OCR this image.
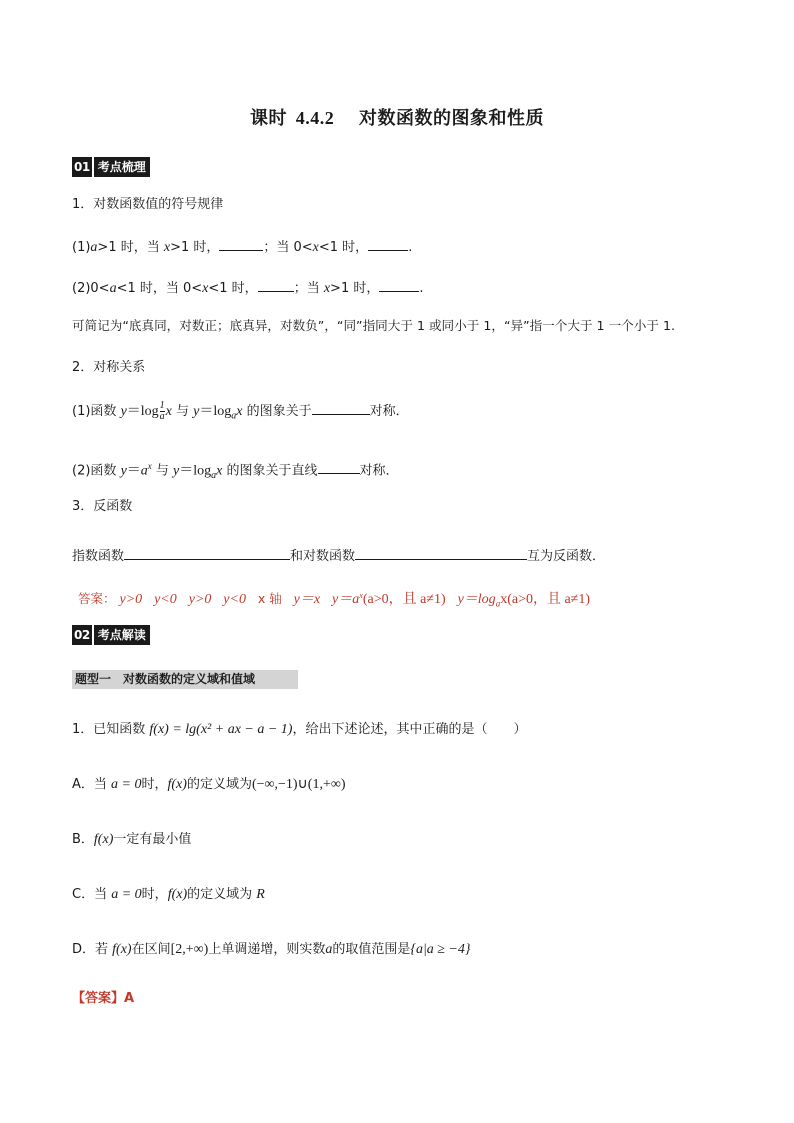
课时 4.4.2 对数函数的图象和性质
01 考点梳理
1．对数函数值的符号规律
(1)a>1 时，当 x>1 时，	；当 0<x<1 时，	.
(2)0<a<1 时，当 0<x<1 时，	；当 x>1 时，	.
可简记为“底真同，对数正；底真异，对数负”，“同”指同大于 1 或同小于 1，“异”指一个大于 1 一个小于 1.
2．对称关系
(1)函数 $y=\log \frac{1}{a}$ x 与 $y=\log_ax$ 的图象关于	对称．
(2)函数 $y=a^x$ 与 $y=\log_ax$ 的图象关于直线	对称．
3．反函数
指数函数	和对数函数	互为反函数．
答案： y>0 y<0 y>0 y<0 x 轴 y＝x $y=a^x(a>0$，且 a≠1) $y=\log_ax(a>0$，且 a≠1)
02 考点解读
题型一　对数函数的定义域和值域
1．已知函数 f(x) = lg(x² + ax − a − 1)，给出下述论述，其中正确的是（　　）
A．当 a = 0时，f(x)的定义域为(−∞,−1)∪(1,+∞)
B．f(x)一定有最小值
C．当 a = 0时，f(x)的定义域为 R
D．若 f(x)在区间[2,+∞)上单调递增，则实数a的取值范围是{a|a ≥ −4}
【答案】A
